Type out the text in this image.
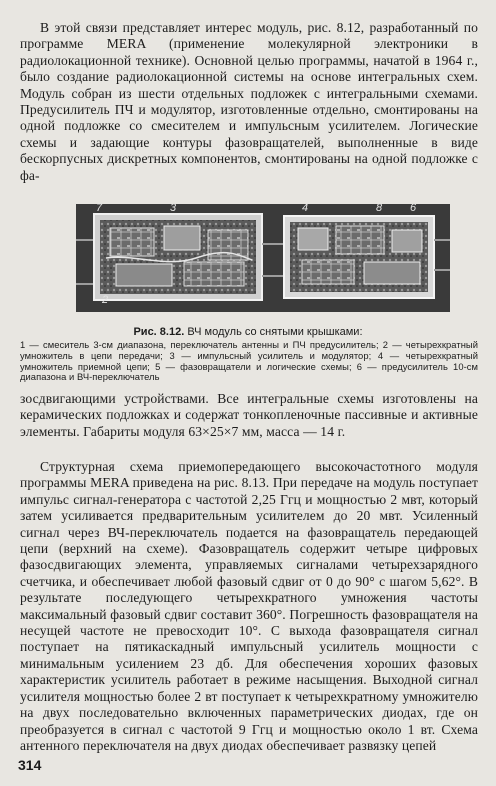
В этой связи представляет интерес модуль, рис. 8.12, разработанный по программе MERA (применение молекулярной электроники в радиолокационной технике). Основной целью программы, начатой в 1964 г., было создание радиолокационной системы на основе интегральных схем. Модуль собран из шести отдельных подложек с интегральными схемами. Предусилитель ПЧ и модулятор, изготовленные отдельно, смонтированы на одной подложке со смесителем и импульсным усилителем. Логические схемы и задающие контуры фазовращателей, выполненные в виде бескорпусных дискретных компонентов, смонтированы на одной подложке с фа-

7	3	4	8	6
2
Рис. 8.12. ВЧ модуль со снятыми крышками:
1 — смеситель 3-см диапазона, переключатель антенны и ПЧ предусилитель; 2 — четырехкратный умножитель в цепи передачи; 3 — импульсный усилитель и модулятор; 4 — четырехкратный умножитель приемной цепи; 5 — фазовращатели и логические схемы; 6 — предусилитель 10-см диапазона и ВЧ-переключатель

зосдвигающими устройствами. Все интегральные схемы изготовлены на керамических подложках и содержат тонкопленочные пассивные и активные элементы. Габариты модуля 63×25×7 мм, масса — 14 г.

Структурная схема приемопередающего высокочастотного модуля программы MERA приведена на рис. 8.13. При передаче на модуль поступает импульс сигнал-генератора с частотой 2,25 Ггц и мощностью 2 мвт, который затем усиливается предварительным усилителем до 20 мвт. Усиленный сигнал через ВЧ-переключатель подается на фазовращатель передающей цепи (верхний на схеме). Фазовращатель содержит четыре цифровых фазосдвигающих элемента, управляемых сигналами четырехзарядного счетчика, и обеспечивает любой фазовый сдвиг от 0 до 90° с шагом 5,62°. В результате последующего четырехкратного умножения частоты максимальный фазовый сдвиг составит 360°. Погрешность фазовращателя на несущей частоте не превосходит 10°. С выхода фазовращателя сигнал поступает на пятикаскадный импульсный усилитель мощности с минимальным усилением 23 дб. Для обеспечения хороших фазовых характеристик усилитель работает в режиме насыщения. Выходной сигнал усилителя мощностью более 2 вт поступает к четырехкратному умножителю на двух последовательно включенных параметрических диодах, где он преобразуется в сигнал с частотой 9 Ггц и мощностью около 1 вт. Схема антенного переключателя на двух диодах обеспечивает развязку цепей

314
